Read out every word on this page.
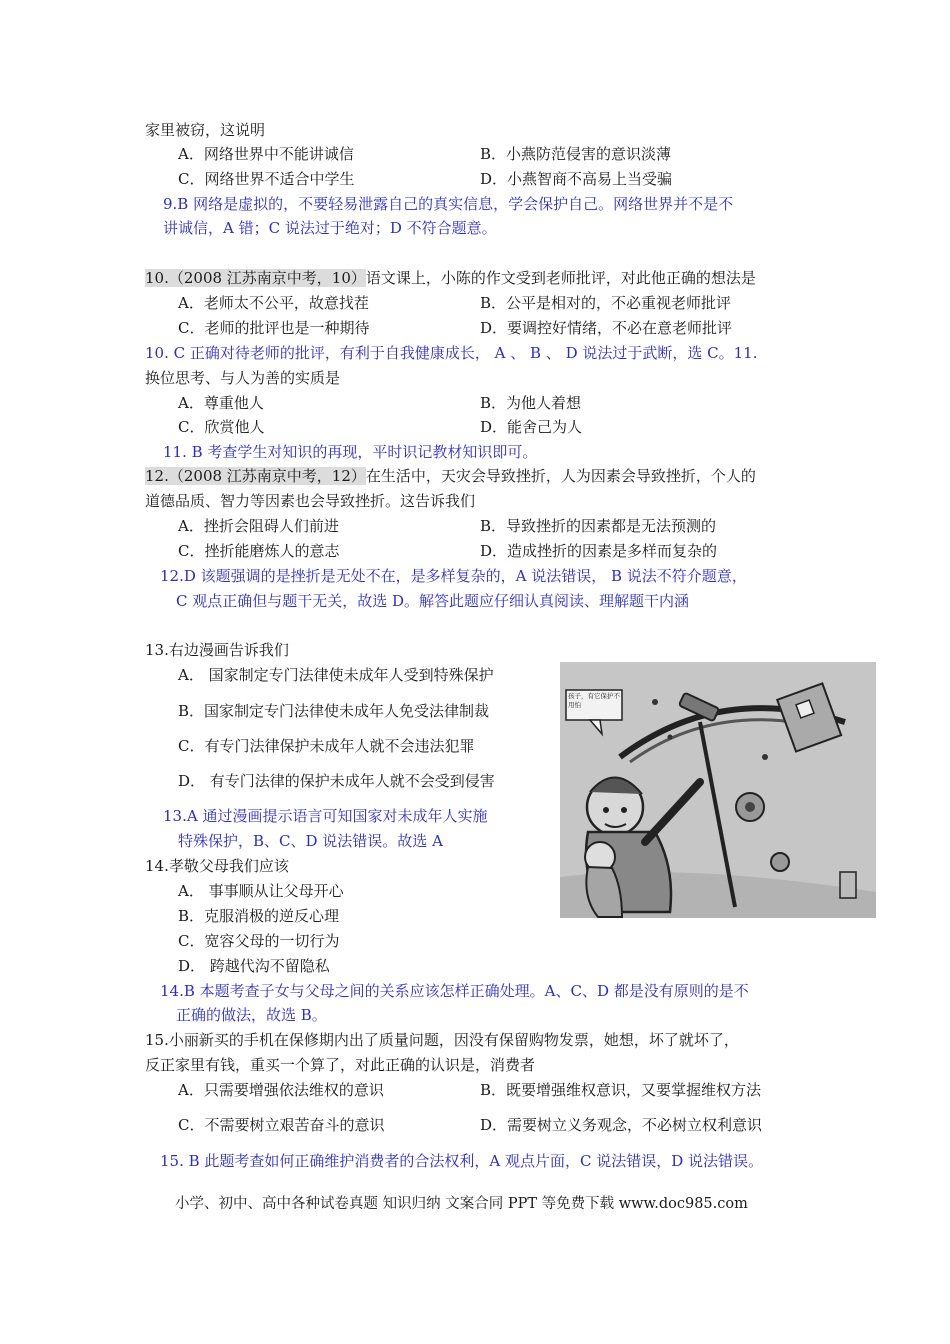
家里被窃，这说明
A．网络世界中不能讲诚信	B．小燕防范侵害的意识淡薄
C．网络世界不适合中学生	D．小燕智商不高易上当受骗
9.B 网络是虚拟的，不要轻易泄露自己的真实信息，学会保护自己。网络世界并不是不
讲诚信，A 错；C 说法过于绝对；D 不符合题意。
10.（2008 江苏南京中考，10）语文课上，小陈的作文受到老师批评，对此他正确的想法是
A．老师太不公平，故意找茬	B．公平是相对的，不必重视老师批评
C．老师的批评也是一种期待	D．要调控好情绪，不必在意老师批评
10. C 正确对待老师的批评，有利于自我健康成长， A 、 B 、 D 说法过于武断，选 C。11.
换位思考、与人为善的实质是
A．尊重他人	B．为他人着想
C．欣赏他人	D．能舍己为人
11. B 考查学生对知识的再现，平时识记教材知识即可。
12.（2008 江苏南京中考，12）在生活中，天灾会导致挫折，人为因素会导致挫折，个人的
道德品质、智力等因素也会导致挫折。这告诉我们
A．挫折会阻碍人们前进	B．导致挫折的因素都是无法预测的
C．挫折能磨炼人的意志	D．造成挫折的因素是多样而复杂的
12.D 该题强调的是挫折是无处不在，是多样复杂的，A 说法错误， B 说法不符介题意，
C 观点正确但与题干无关，故选 D。解答此题应仔细认真阅读、理解题干内涵
13.右边漫画告诉我们
A． 国家制定专门法律使未成年人受到特殊保护
B．国家制定专门法律使未成年人免受法律制裁
C．有专门法律保护未成年人就不会违法犯罪
D． 有专门法律的保护未成年人就不会受到侵害
13.A 通过漫画提示语言可知国家对未成年人实施
特殊保护，B、C、D 说法错误。故选 A
孩子，有它保护不用怕
14.孝敬父母我们应该
A． 事事顺从让父母开心
B．克服消极的逆反心理
C．宽容父母的一切行为
D． 跨越代沟不留隐私
14.B 本题考查子女与父母之间的关系应该怎样正确处理。A、C、D 都是没有原则的是不
正确的做法，故选 B。
15.小丽新买的手机在保修期内出了质量问题，因没有保留购物发票，她想，坏了就坏了，
反正家里有钱，重买一个算了，对此正确的认识是，消费者
A．只需要增强依法维权的意识	B．既要增强维权意识，又要掌握维权方法
C．不需要树立艰苦奋斗的意识	D．需要树立义务观念，不必树立权利意识
15. B 此题考查如何正确维护消费者的合法权利，A 观点片面，C 说法错误，D 说法错误。
小学、初中、高中各种试卷真题 知识归纳 文案合同 PPT 等免费下载 www.doc985.com
